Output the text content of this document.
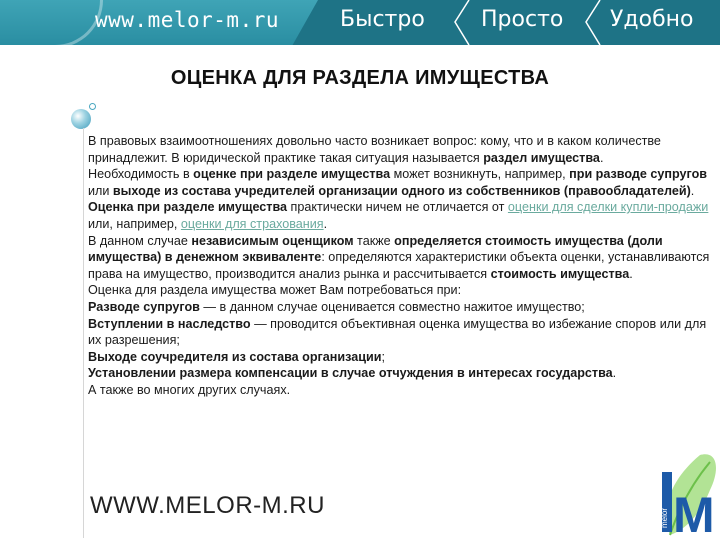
www.melor-m.ru	Быстро	Просто Удобно
ОЦЕНКА ДЛЯ РАЗДЕЛА ИМУЩЕСТВА

В правовых взаимоотношениях довольно часто возникает вопрос: кому, что и в каком количестве принадлежит. В юридической практике такая ситуация называется раздел имущества.

Необходимость в оценке при разделе имущества может возникнуть, например, при разводе супругов или выходе из состава учредителей организации одного из собственников (правообладателей).

Оценка при разделе имущества практически ничем не отличается от оценки для сделки купли-продажи или, например, оценки для страхования.

В данном случае независимым оценщиком также определяется стоимость имущества (доли имущества) в денежном эквиваленте: определяются характеристики объекта оценки, устанавливаются права на имущество, производится анализ рынка и рассчитывается стоимость имущества.

Оценка для раздела имущества может Вам потребоваться при:

Разводе супругов — в данном случае оценивается совместно нажитое имущество;

Вступлении в наследство — проводится объективная оценка имущества во избежание споров или для их разрешения;

Выходе соучредителя из состава организации;

Установлении размера компенсации в случае отчуждения в интересах государства.

А также во многих других случаях.

WWW.MELOR-M.RU	melor M
